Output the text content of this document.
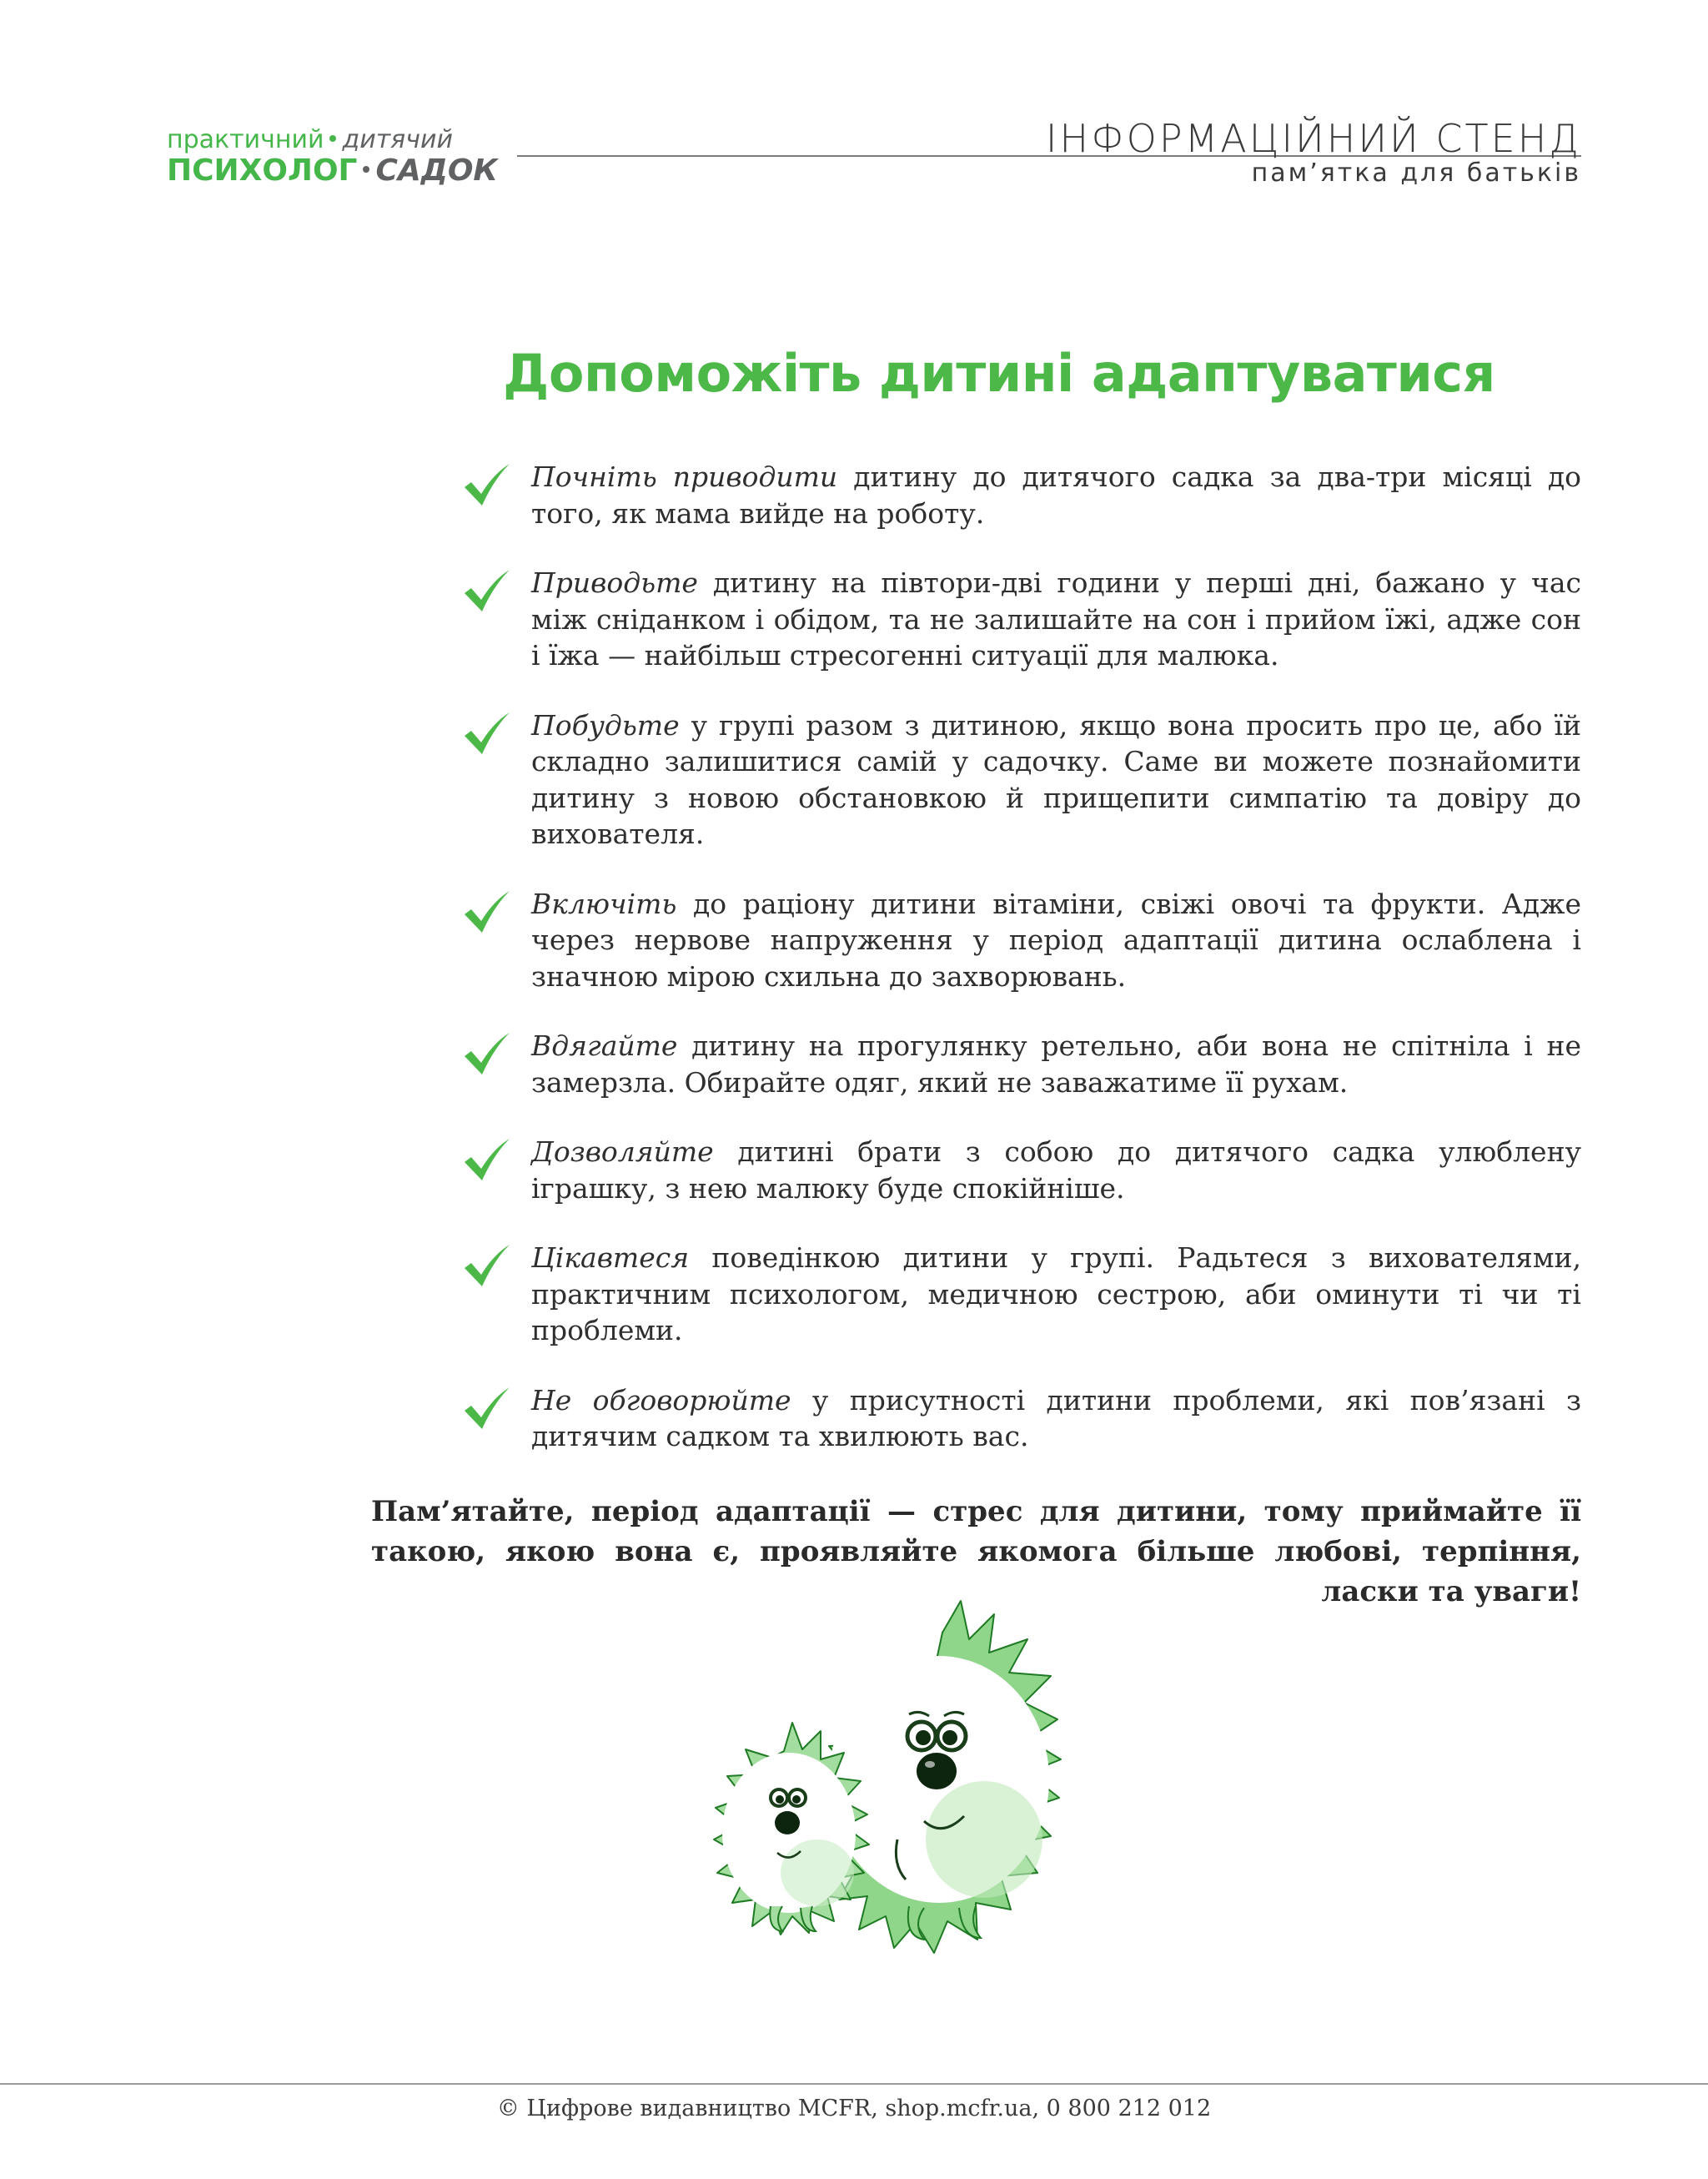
практичний дитячий
ПСИХОЛОГ САДОК
ІНФОРМАЦІЙНИЙ СТЕНД
пам’ятка для батьків
Допоможіть дитині адаптуватися
Почніть приводити дитину до дитячого садка за два-три місяці до того, як мама вийде на роботу.
Приводьте дитину на півтори-дві години у перші дні, бажано у час між сніданком і обідом, та не залишайте на сон і прийом їжі, адже сон і їжа — найбільш стресогенні ситуації для малюка.
Побудьте у групі разом з дитиною, якщо вона просить про це, або їй складно залишитися самій у садочку. Саме ви можете познайомити дитину з новою обстановкою й прищепити симпатію та довіру до вихователя.
Включіть до раціону дитини вітаміни, свіжі овочі та фрукти. Адже через нервове напруження у період адаптації дитина ослаблена і значною мірою схильна до захворювань.
Вдягайте дитину на прогулянку ретельно, аби вона не спітніла і не замерзла. Обирайте одяг, який не заважатиме її рухам.
Дозволяйте дитині брати з собою до дитячого садка улюблену іграшку, з нею малюку буде спокійніше.
Цікавтеся поведінкою дитини у групі. Радьтеся з вихователями, практичним психологом, медичною сестрою, аби оминути ті чи ті проблеми.
Не обговорюйте у присутності дитини проблеми, які пов’язані з дитячим садком та хвилюють вас.

Пам’ятайте, період адаптації — стрес для дитини, тому приймайте її такою, якою вона є, проявляйте якомога більше любові, терпіння, ласки та уваги!

© Цифрове видавництво MCFR, shop.mcfr.ua, 0 800 212 012
